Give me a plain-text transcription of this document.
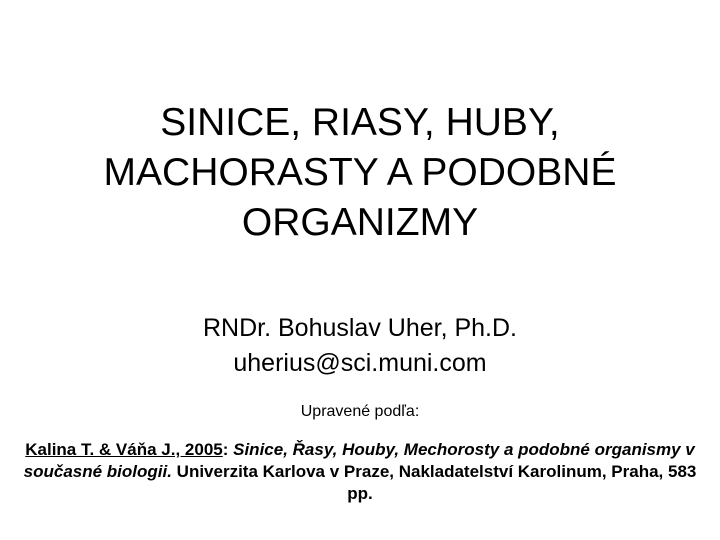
SINICE, RIASY, HUBY,
MACHORASTY A PODOBNÉ
ORGANIZMY
RNDr. Bohuslav Uher, Ph.D.
uherius@sci.muni.com
Upravené podľa:
Kalina T. & Váňa J., 2005: Sinice, Řasy, Houby, Mechorosty a podobné organismy v současné biologii. Univerzita Karlova v Praze, Nakladatelství Karolinum, Praha, 583 pp.
